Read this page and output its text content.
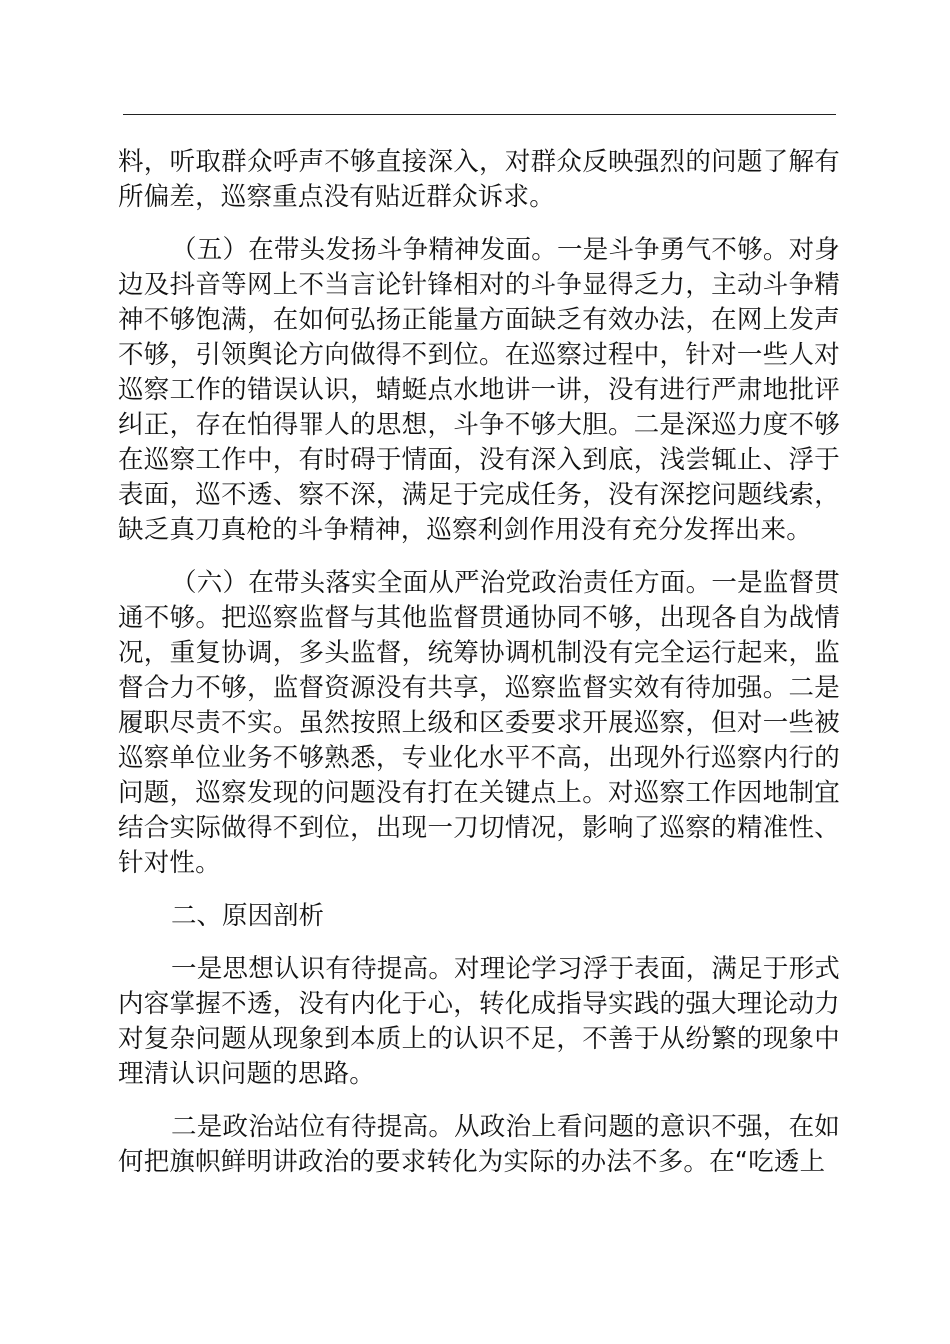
料，听取群众呼声不够直接深入，对群众反映强烈的问题了解有所偏差，巡察重点没有贴近群众诉求。

（五）在带头发扬斗争精神发面。一是斗争勇气不够。对身边及抖音等网上不当言论针锋相对的斗争显得乏力，主动斗争精神不够饱满，在如何弘扬正能量方面缺乏有效办法，在网上发声不够，引领舆论方向做得不到位。在巡察过程中，针对一些人对巡察工作的错误认识，蜻蜓点水地讲一讲，没有进行严肃地批评纠正，存在怕得罪人的思想，斗争不够大胆。二是深巡力度不够在巡察工作中，有时碍于情面，没有深入到底，浅尝辄止、浮于表面，巡不透、察不深，满足于完成任务，没有深挖问题线索，缺乏真刀真枪的斗争精神，巡察利剑作用没有充分发挥出来。

（六）在带头落实全面从严治党政治责任方面。一是监督贯通不够。把巡察监督与其他监督贯通协同不够，出现各自为战情况，重复协调，多头监督，统筹协调机制没有完全运行起来，监督合力不够，监督资源没有共享，巡察监督实效有待加强。二是履职尽责不实。虽然按照上级和区委要求开展巡察，但对一些被巡察单位业务不够熟悉，专业化水平不高，出现外行巡察内行的问题，巡察发现的问题没有打在关键点上。对巡察工作因地制宜结合实际做得不到位，出现一刀切情况，影响了巡察的精准性、针对性。

二、原因剖析

一是思想认识有待提高。对理论学习浮于表面，满足于形式内容掌握不透，没有内化于心，转化成指导实践的强大理论动力对复杂问题从现象到本质上的认识不足，不善于从纷繁的现象中理清认识问题的思路。

二是政治站位有待提高。从政治上看问题的意识不强，在如何把旗帜鲜明讲政治的要求转化为实际的办法不多。在“吃透上
